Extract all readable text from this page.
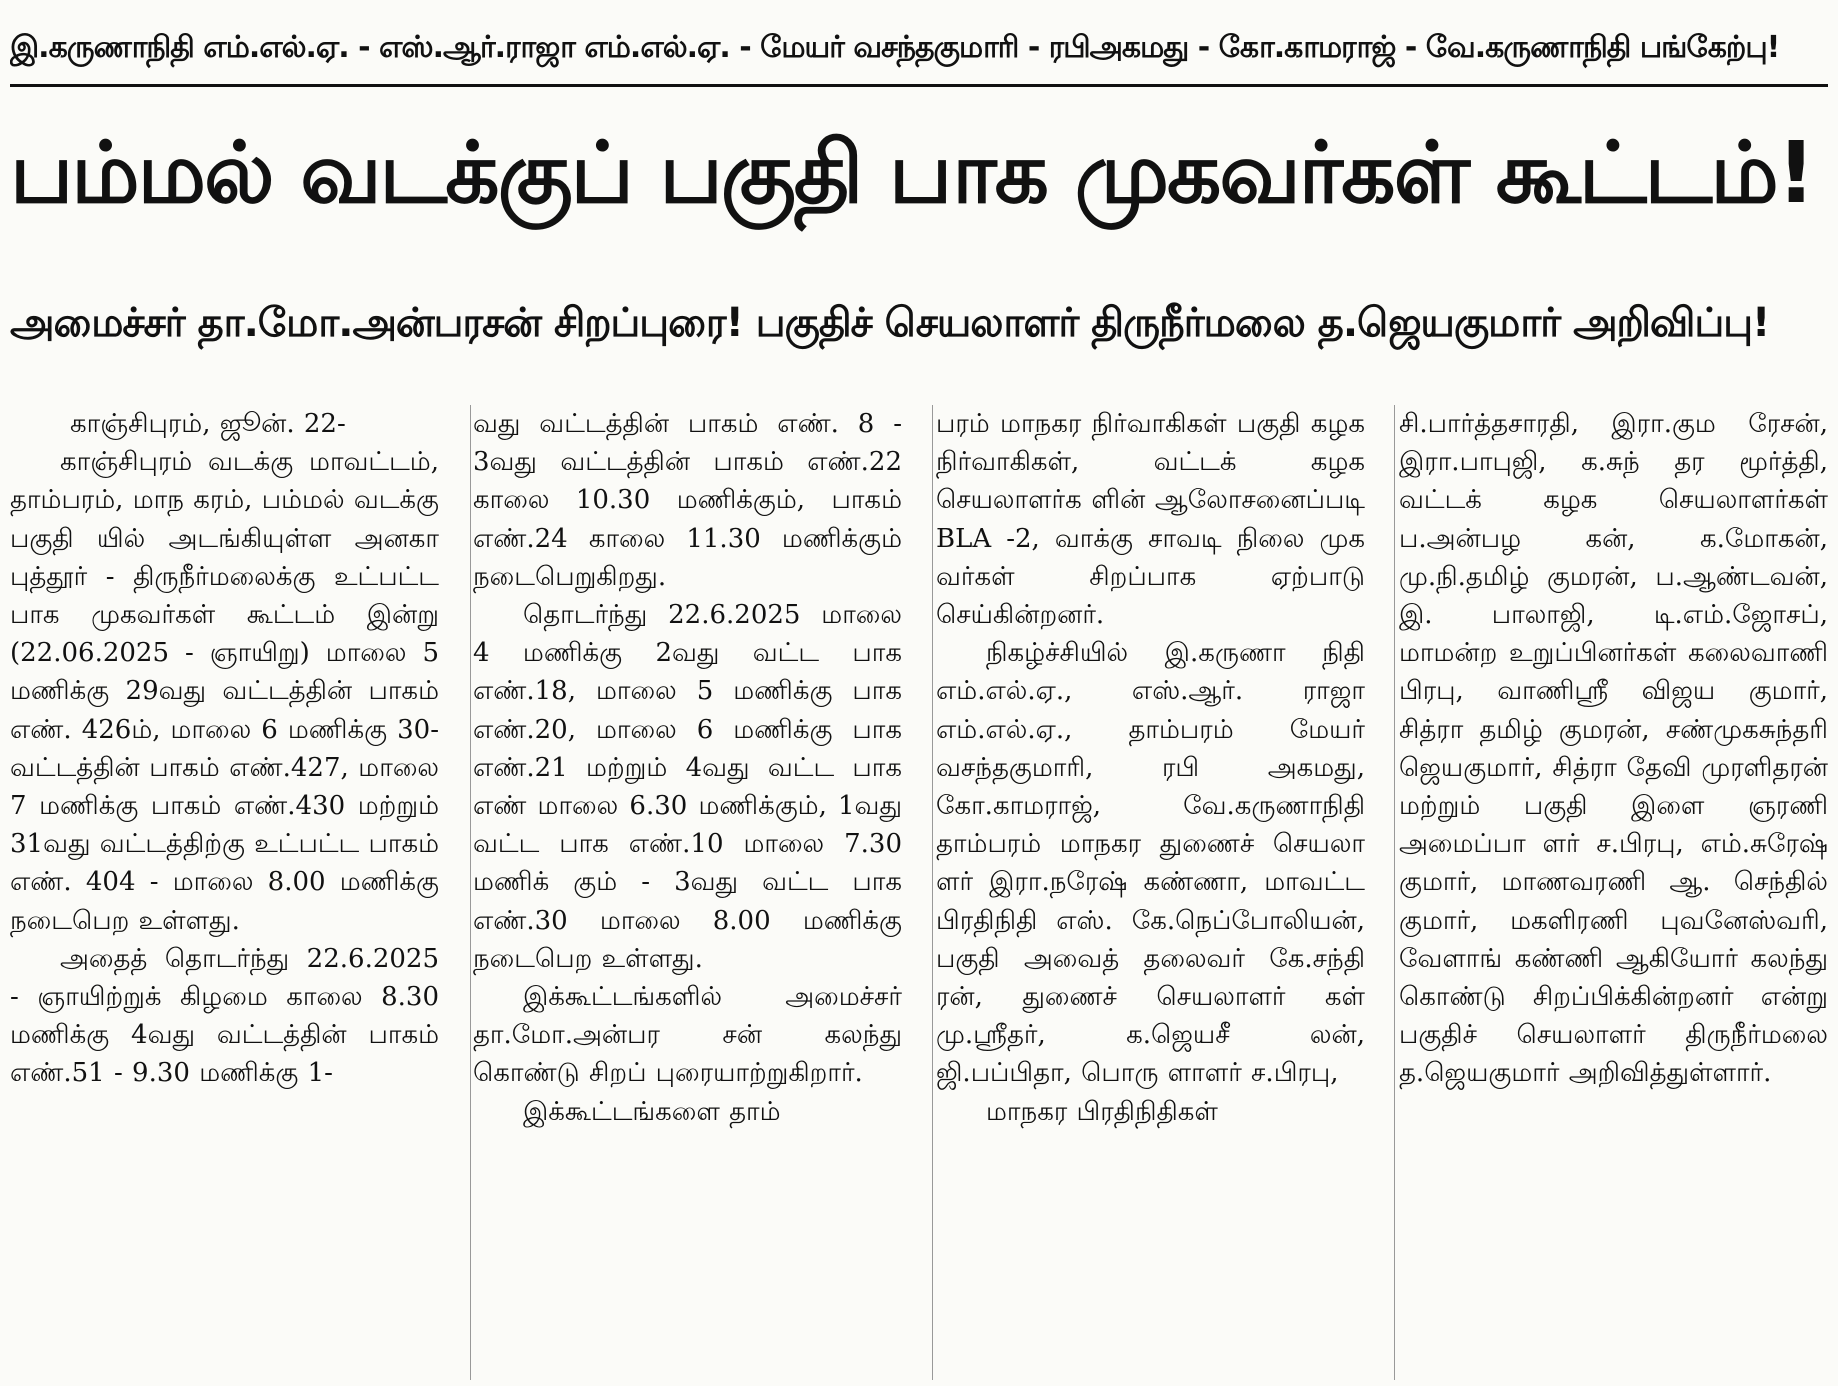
இ.கருணாநிதி எம்.எல்.ஏ. - எஸ்.ஆர்.ராஜா எம்.எல்.ஏ. - மேயர் வசந்தகுமாரி - ரபிஅகமது - கோ.காமராஜ் - வே.கருணாநிதி பங்கேற்பு!
பம்மல் வடக்குப் பகுதி பாக முகவர்கள் கூட்டம்!
அமைச்சர் தா.மோ.அன்பரசன் சிறப்புரை! பகுதிச் செயலாளர் திருநீர்மலை த.ஜெயகுமார் அறிவிப்பு!

காஞ்சிபுரம், ஜூன். 22-

காஞ்சிபுரம் வடக்கு மாவட்டம், தாம்பரம், மாந கரம், பம்மல் வடக்கு பகுதி யில் அடங்கியுள்ள அனகா புத்தூர் - திருநீர்மலைக்கு உட்பட்ட பாக முகவர்கள் கூட்டம் இன்று (22.06.2025 - ஞாயிறு) மாலை 5 மணிக்கு 29வது வட்டத்தின் பாகம் எண். 426ம், மாலை 6 மணிக்கு 30-வட்டத்தின் பாகம் எண்.427, மாலை 7 மணிக்கு பாகம் எண்.430 மற்றும் 31வது வட்டத்திற்கு உட்பட்ட பாகம் எண். 404 - மாலை 8.00 மணிக்கு நடைபெற உள்ளது.

அதைத் தொடர்ந்து 22.6.2025 - ஞாயிற்றுக் கிழமை காலை 8.30 மணிக்கு 4வது வட்டத்தின் பாகம் எண்.51 - 9.30 மணிக்கு 1-

வது வட்டத்தின் பாகம் எண். 8 - 3வது வட்டத்தின் பாகம் எண்.22 காலை 10.30 மணிக்கும், பாகம் எண்.24 காலை 11.30 மணிக்கும் நடைபெறுகிறது.

தொடர்ந்து 22.6.2025 மாலை 4 மணிக்கு 2வது வட்ட பாக எண்.18, மாலை 5 மணிக்கு பாக எண்.20, மாலை 6 மணிக்கு பாக எண்.21 மற்றும் 4வது வட்ட பாக எண் மாலை 6.30 மணிக்கும், 1வது வட்ட பாக எண்.10 மாலை 7.30 மணிக் கும் - 3வது வட்ட பாக எண்.30 மாலை 8.00 மணிக்கு நடைபெற உள்ளது.

இக்கூட்டங்களில் அமைச்சர் தா.மோ.அன்பர சன் கலந்து கொண்டு சிறப் புரையாற்றுகிறார்.

இக்கூட்டங்களை தாம்

பரம் மாநகர நிர்வாகிகள் பகுதி கழக நிர்வாகிகள், வட்டக் கழக செயலாளர்க ளின் ஆலோசனைப்படி BLA -2, வாக்கு சாவடி நிலை முக வர்கள் சிறப்பாக ஏற்பாடு செய்கின்றனர்.

நிகழ்ச்சியில் இ.கருணா நிதி எம்.எல்.ஏ., எஸ்.ஆர். ராஜா எம்.எல்.ஏ., தாம்பரம் மேயர் வசந்தகுமாரி, ரபி அகமது, கோ.காமராஜ், வே.கருணாநிதி தாம்பரம் மாநகர துணைச் செயலா ளர் இரா.நரேஷ் கண்ணா, மாவட்ட பிரதிநிதி எஸ். கே.நெப்போலியன், பகுதி அவைத் தலைவர் கே.சந்தி ரன், துணைச் செயலாளர் கள் மு.ஸ்ரீதர், க.ஜெயசீ லன், ஜி.பப்பிதா, பொரு ளாளர் ச.பிரபு,

மாநகர பிரதிநிதிகள்

சி.பார்த்தசாரதி, இரா.கும ரேசன், இரா.பாபுஜி, க.சுந் தர மூர்த்தி, வட்டக் கழக செயலாளர்கள் ப.அன்பழ கன், க.மோகன், மு.நி.தமிழ் குமரன், ப.ஆண்டவன், இ. பாலாஜி, டி.எம்.ஜோசப், மாமன்ற உறுப்பினர்கள் கலைவாணி பிரபு, வாணிஸ்ரீ விஜய குமார், சித்ரா தமிழ் குமரன், சண்முகசுந்தரி ஜெயகுமார், சித்ரா தேவி முரளிதரன் மற்றும் பகுதி இளை ஞரணி அமைப்பா ளர் ச.பிரபு, எம்.சுரேஷ் குமார், மாணவரணி ஆ. செந்தில் குமார், மகளிரணி புவனேஸ்வரி, வேளாங் கண்ணி ஆகியோர் கலந்து கொண்டு சிறப்பிக்கின்றனர் என்று பகுதிச் செயலாளர் திருநீர்மலை த.ஜெயகுமார் அறிவித்துள்ளார்.
